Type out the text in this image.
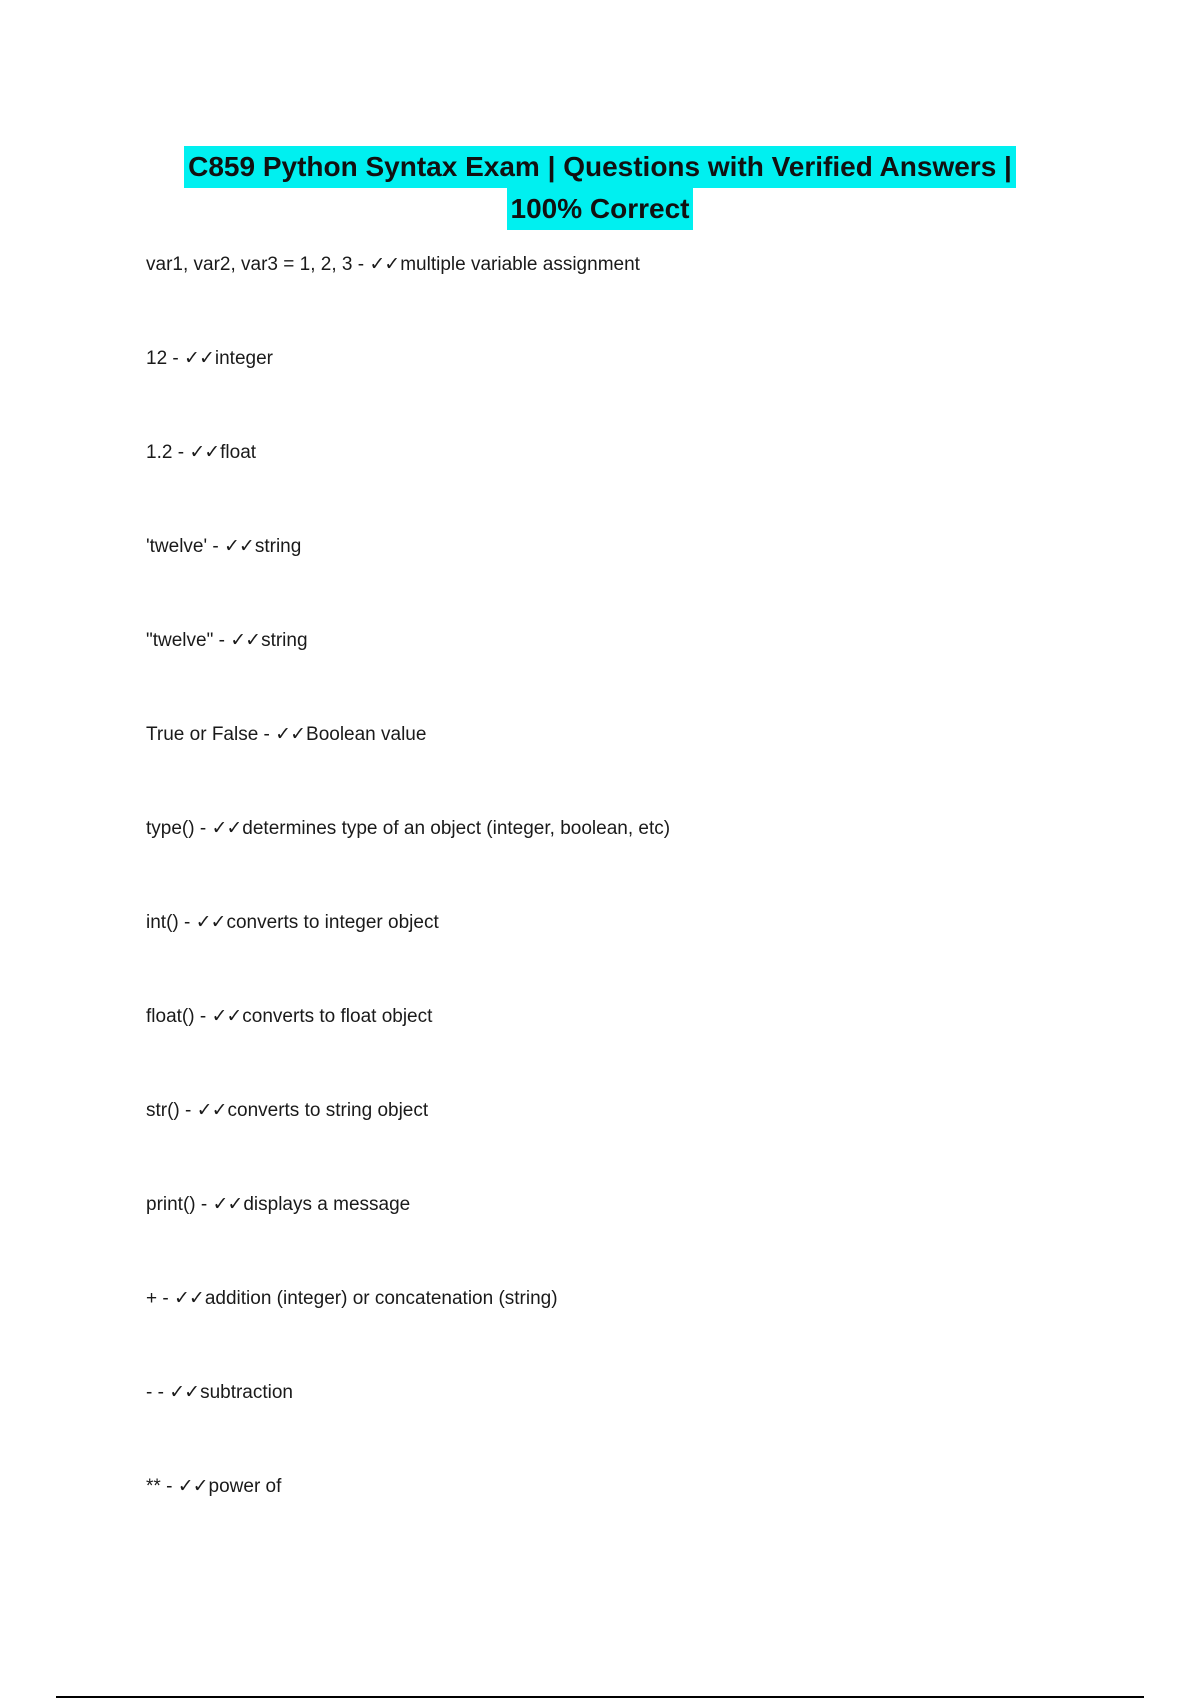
C859 Python Syntax Exam | Questions with Verified Answers |
100% Correct
var1, var2, var3 = 1, 2, 3 - ✓✓multiple variable assignment
12 - ✓✓integer
1.2 - ✓✓float
'twelve' - ✓✓string
"twelve" - ✓✓string
True or False - ✓✓Boolean value
type() - ✓✓determines type of an object (integer, boolean, etc)
int() - ✓✓converts to integer object
float() - ✓✓converts to float object
str() - ✓✓converts to string object
print() - ✓✓displays a message
+ - ✓✓addition (integer) or concatenation (string)
- - ✓✓subtraction
** - ✓✓power of
